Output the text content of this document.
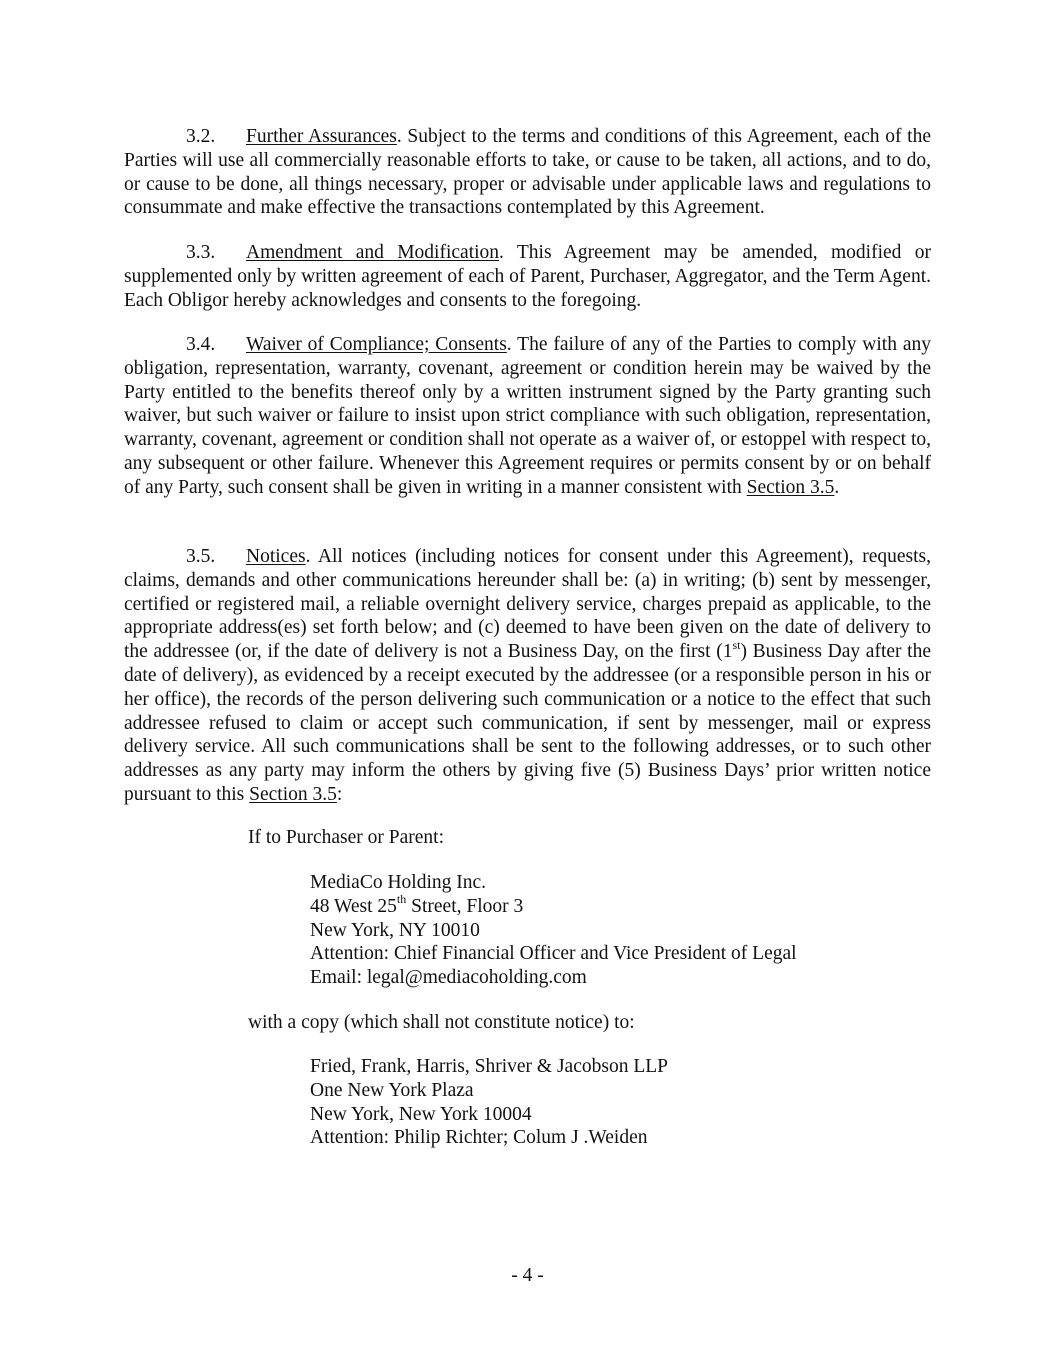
3.2. Further Assurances. Subject to the terms and conditions of this Agreement, each of the Parties will use all commercially reasonable efforts to take, or cause to be taken, all actions, and to do, or cause to be done, all things necessary, proper or advisable under applicable laws and regulations to consummate and make effective the transactions contemplated by this Agreement.

3.3. Amendment and Modification. This Agreement may be amended, modified or supplemented only by written agreement of each of Parent, Purchaser, Aggregator, and the Term Agent. Each Obligor hereby acknowledges and consents to the foregoing.

3.4. Waiver of Compliance; Consents. The failure of any of the Parties to comply with any obligation, representation, warranty, covenant, agreement or condition herein may be waived by the Party entitled to the benefits thereof only by a written instrument signed by the Party granting such waiver, but such waiver or failure to insist upon strict compliance with such obligation, representation, warranty, covenant, agreement or condition shall not operate as a waiver of, or estoppel with respect to, any subsequent or other failure. Whenever this Agreement requires or permits consent by or on behalf of any Party, such consent shall be given in writing in a manner consistent with Section 3.5.

3.5. Notices. All notices (including notices for consent under this Agreement), requests, claims, demands and other communications hereunder shall be: (a) in writing; (b) sent by messenger, certified or registered mail, a reliable overnight delivery service, charges prepaid as applicable, to the appropriate address(es) set forth below; and (c) deemed to have been given on the date of delivery to the addressee (or, if the date of delivery is not a Business Day, on the first (1st) Business Day after the date of delivery), as evidenced by a receipt executed by the addressee (or a responsible person in his or her office), the records of the person delivering such communication or a notice to the effect that such addressee refused to claim or accept such communication, if sent by messenger, mail or express delivery service. All such communications shall be sent to the following addresses, or to such other addresses as any party may inform the others by giving five (5) Business Days’ prior written notice pursuant to this Section 3.5:

If to Purchaser or Parent:

MediaCo Holding Inc.
48 West 25th Street, Floor 3
New York, NY 10010
Attention: Chief Financial Officer and Vice President of Legal
Email: legal@mediacoholding.com

with a copy (which shall not constitute notice) to:

Fried, Frank, Harris, Shriver & Jacobson LLP
One New York Plaza
New York, New York 10004
Attention: Philip Richter; Colum J .Weiden
- 4 -
